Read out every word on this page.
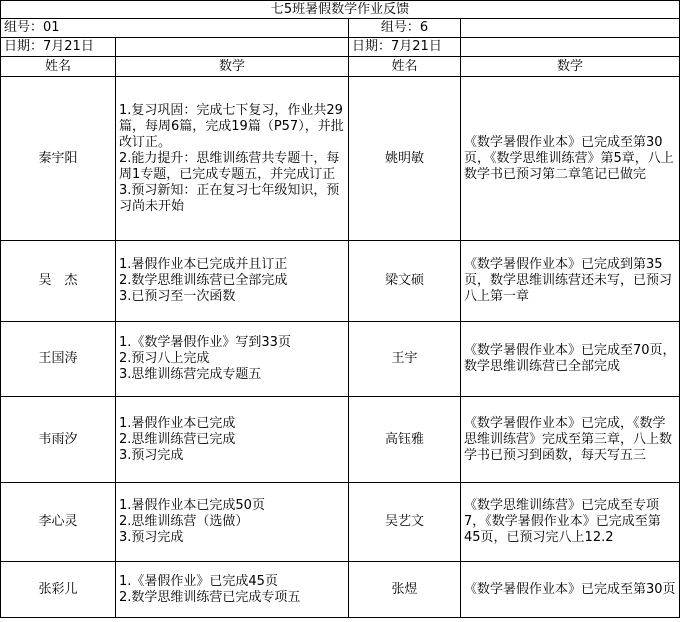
七5班暑假数学作业反馈			
组号：01		组号：6	
日期：7月21日		日期：7月21日	
姓名	数学	姓名	数学
秦宇阳	1.复习巩固：完成七下复习，作业共29篇，每周6篇，完成19篇（P57），并批改订正。
2.能力提升：思维训练营共专题十，每周1专题，已完成专题五，并完成订正
3.预习新知：正在复习七年级知识，预习尚未开始	姚明敏	《数学暑假作业本》已完成至第30页，《数学思维训练营》第5章，八上数学书已预习第二章笔记已做完
吴　杰	1.暑假作业本已完成并且订正
2.数学思维训练营已全部完成
3.已预习至一次函数	梁文硕	《数学暑假作业本》已完成到第35页，数学思维训练营还未写，已预习八上第一章
王国涛	1.《数学暑假作业》写到33页
2.预习八上完成
3.思维训练营完成专题五	王宇	《数学暑假作业本》已完成至70页，数学思维训练营已全部完成
韦雨汐	1.暑假作业本已完成
2.思维训练营已完成
3.预习完成	高钰雅	《数学暑假作业本》已完成，《数学思维训练营》完成至第三章，八上数学书已预习到函数，每天写五三
李心灵	1.暑假作业本已完成50页
2.思维训练营（选做）
3.预习完成	吴艺文	《数学思维训练营》已完成至专项7，《数学暑假作业本》已完成至第45页，已预习完八上12.2
张彩儿	1.《暑假作业》已完成45页
2.数学思维训练营已完成专项五	张煜	《数学暑假作业本》已完成至第30页
